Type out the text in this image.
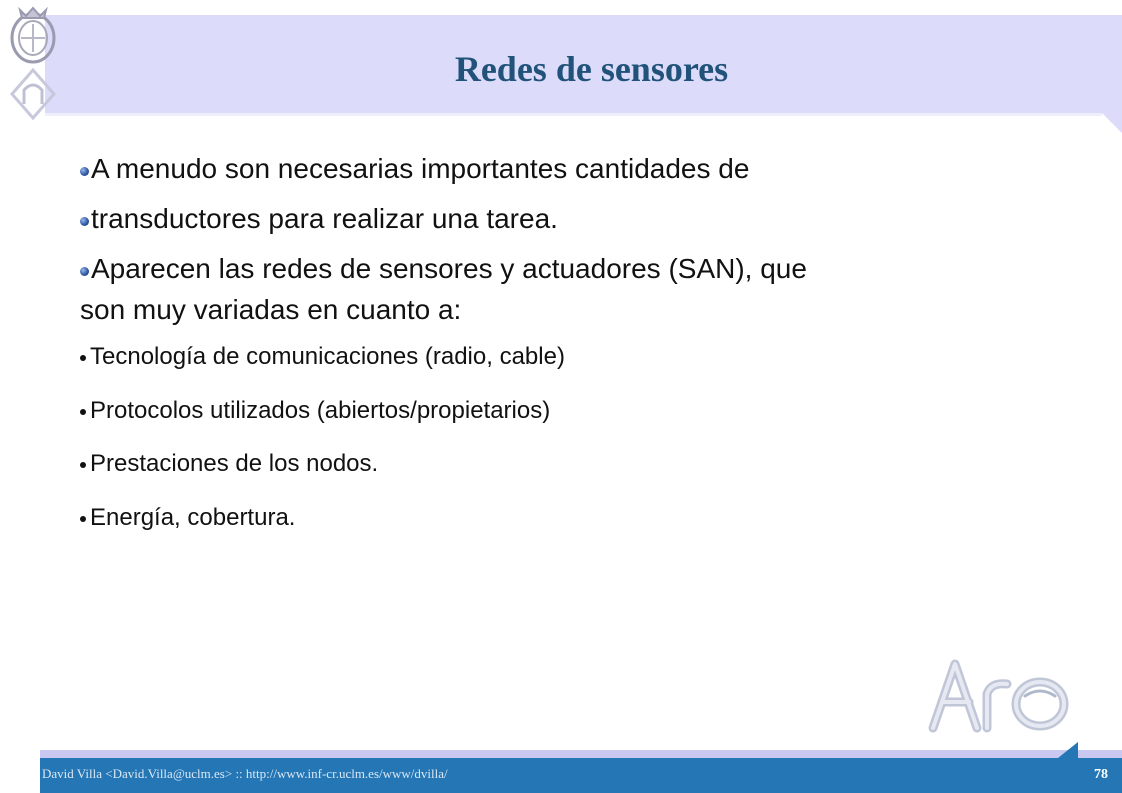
Redes de sensores

A menudo son necesarias importantes cantidades de

transductores para realizar una tarea.

Aparecen las redes de sensores y actuadores (SAN), que

son muy variadas en cuanto a:

Tecnología de comunicaciones (radio, cable)

Protocolos utilizados (abiertos/propietarios)

Prestaciones de los nodos.

Energía, cobertura.

David Villa <David.Villa@uclm.es> :: http://www.inf-cr.uclm.es/www/dvilla/	78
